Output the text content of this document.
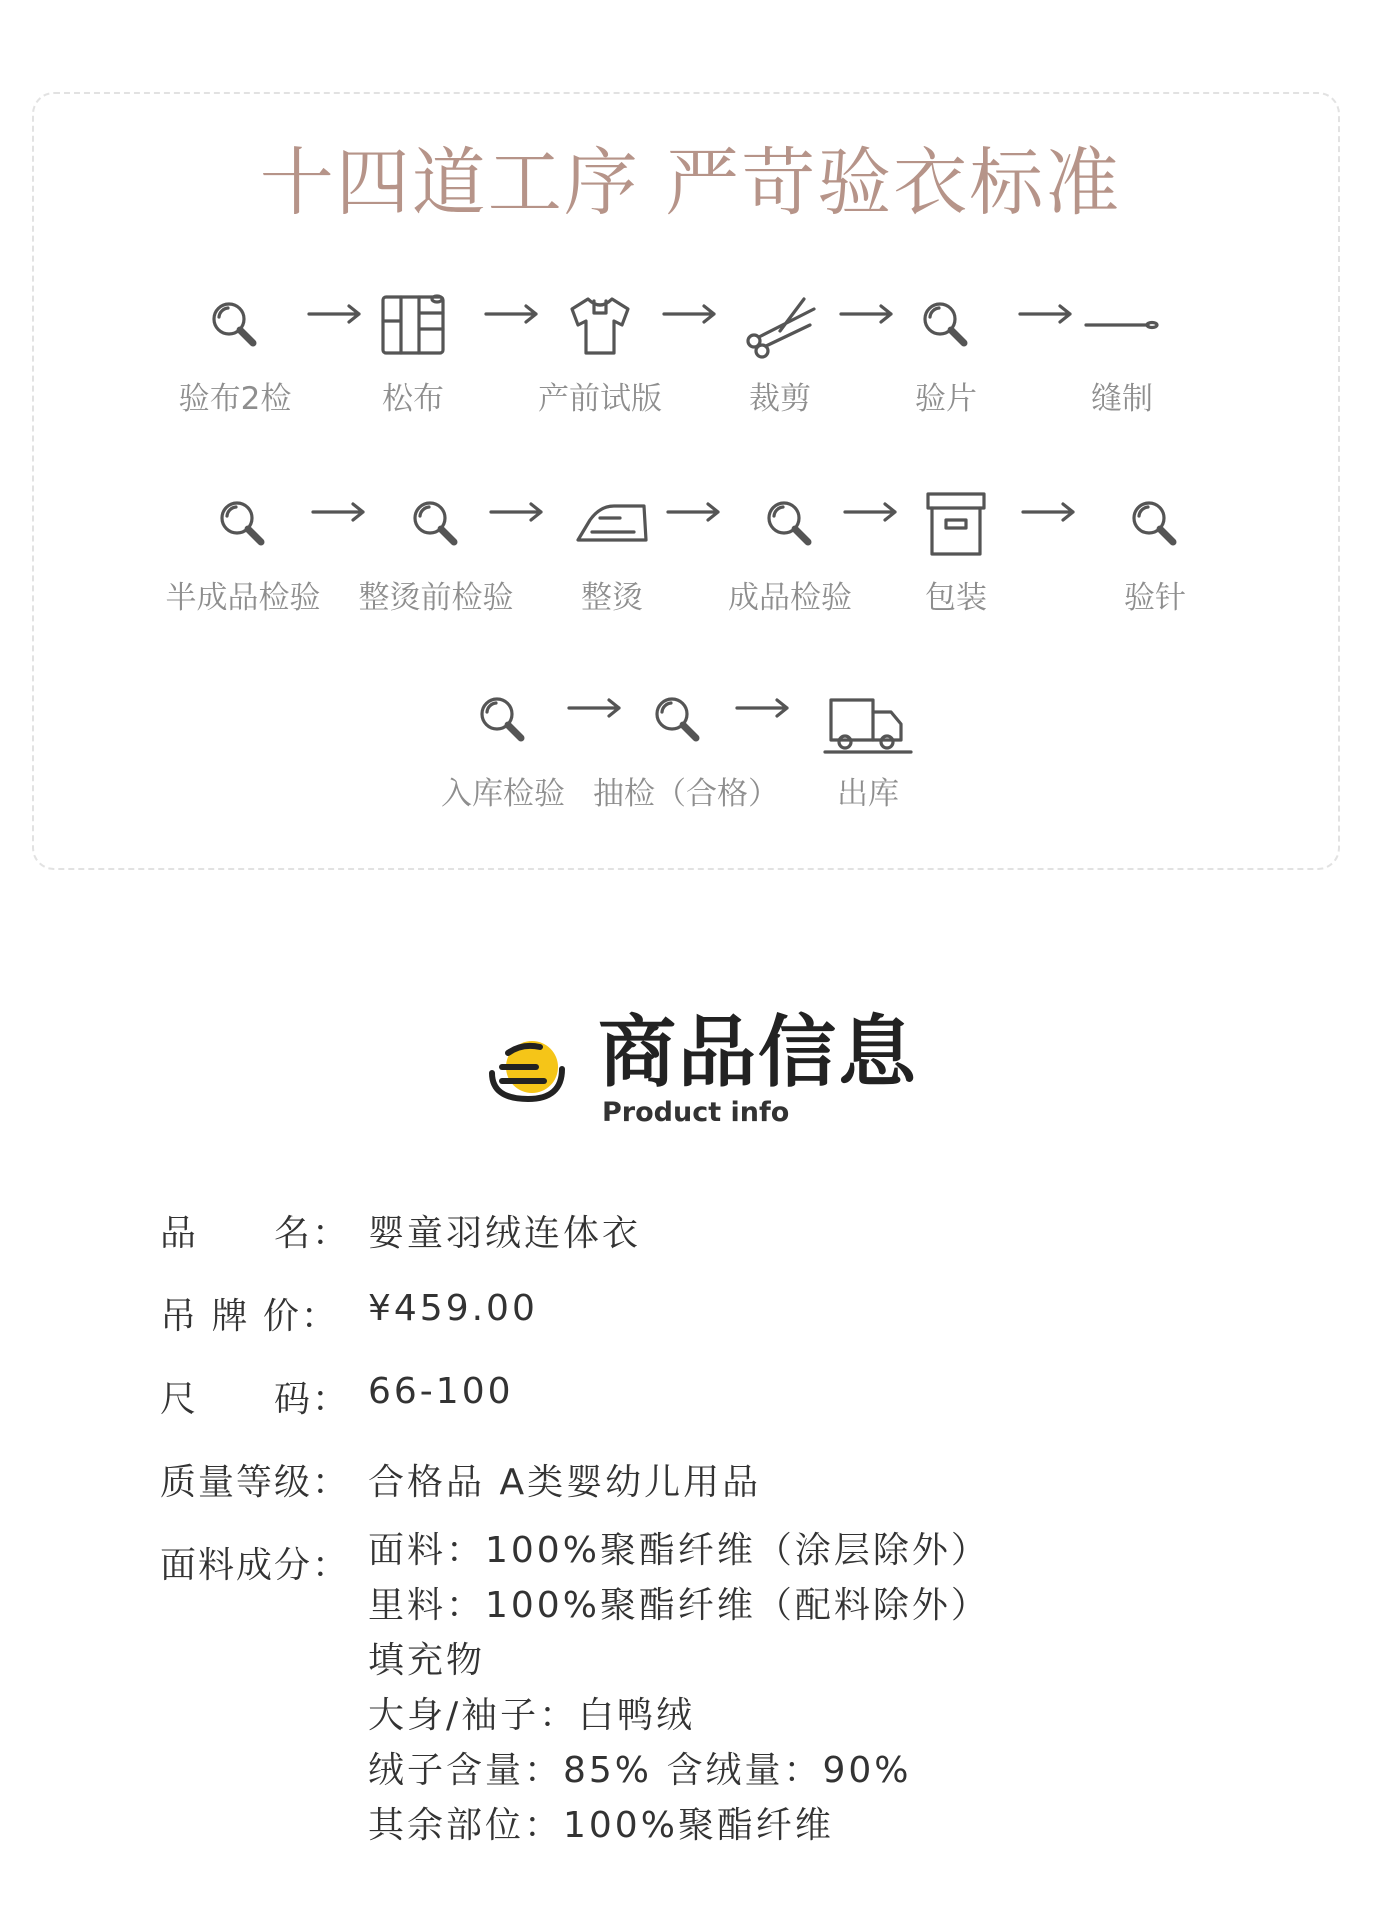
十四道工序 严苛验衣标准
验布2检	松布	产前试版	裁剪	验片	缝制
半成品检验	整烫前检验	整烫	成品检验	包装	验针
入库检验 抽检（合格）	出库
商品信息
Product info
品　　名： 婴童羽绒连体衣
吊 牌 价： ¥459.00
尺　　码： 66-100
质量等级： 合格品 A类婴幼儿用品
面料成分： 面料：100%聚酯纤维（涂层除外）
里料：100%聚酯纤维（配料除外）
填充物
大身/袖子：白鸭绒
绒子含量：85% 含绒量：90%
其余部位：100%聚酯纤维
